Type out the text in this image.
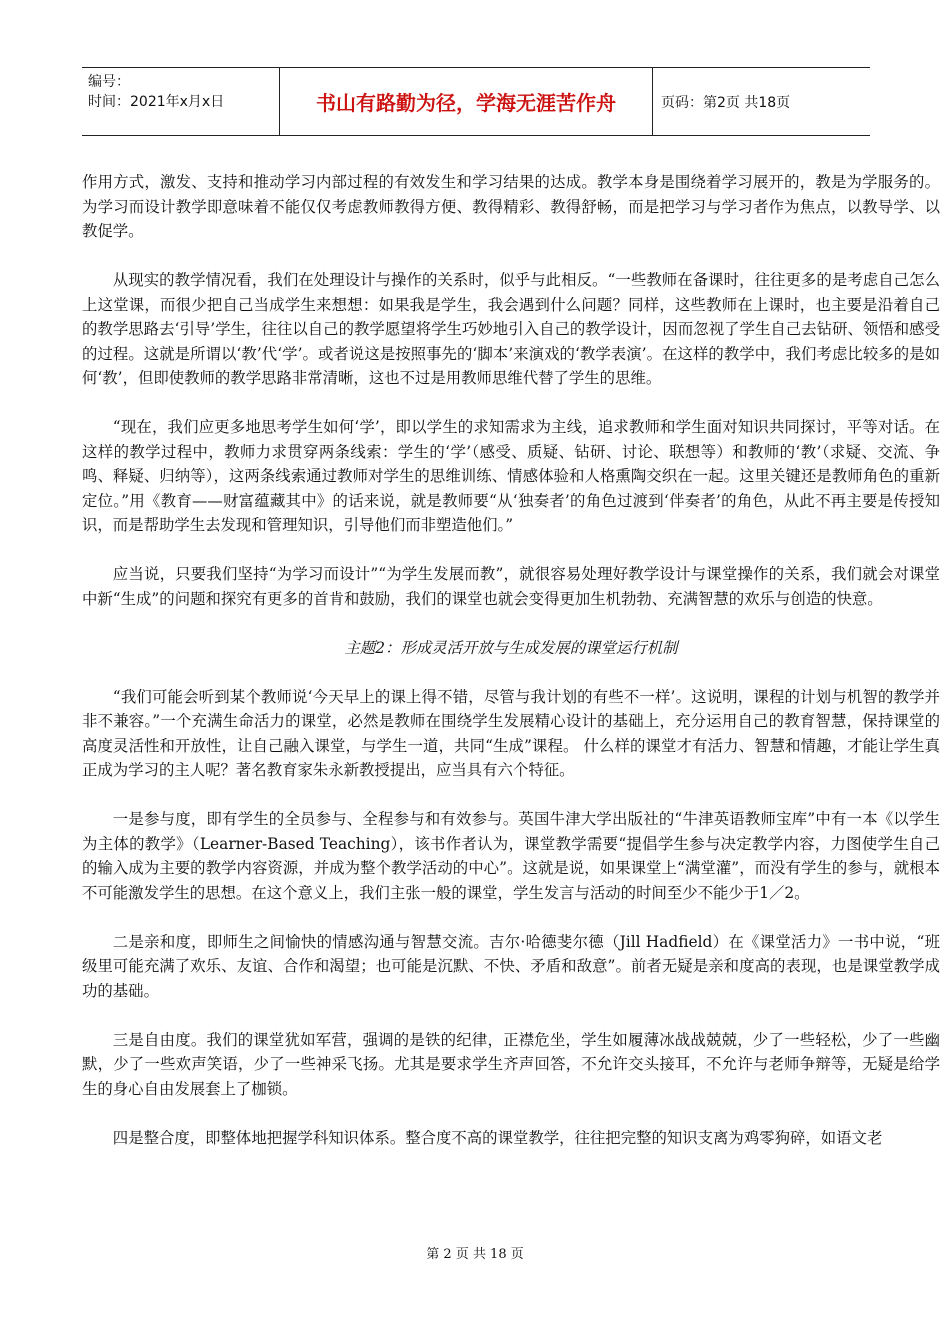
编号：
时间：2021年x月x日	书山有路勤为径，学海无涯苦作舟	页码：第2页 共18页

作用方式，激发、支持和推动学习内部过程的有效发生和学习结果的达成。教学本身是围绕着学习展开的，教是为学服务的。为学习而设计教学即意味着不能仅仅考虑教师教得方便、教得精彩、教得舒畅，而是把学习与学习者作为焦点，以教导学、以教促学。

从现实的教学情况看，我们在处理设计与操作的关系时，似乎与此相反。“一些教师在备课时，往往更多的是考虑自己怎么上这堂课，而很少把自己当成学生来想想：如果我是学生，我会遇到什么问题？同样，这些教师在上课时，也主要是沿着自己的教学思路去‘引导’学生，往往以自己的教学愿望将学生巧妙地引入自己的教学设计，因而忽视了学生自己去钻研、领悟和感受的过程。这就是所谓以‘教’代‘学’。或者说这是按照事先的‘脚本’来演戏的‘教学表演’。在这样的教学中，我们考虑比较多的是如何‘教’，但即使教师的教学思路非常清晰，这也不过是用教师思维代替了学生的思维。

“现在，我们应更多地思考学生如何‘学’，即以学生的求知需求为主线，追求教师和学生面对知识共同探讨，平等对话。在这样的教学过程中，教师力求贯穿两条线索：学生的‘学’（感受、质疑、钻研、讨论、联想等）和教师的‘教’（求疑、交流、争鸣、释疑、归纳等），这两条线索通过教师对学生的思维训练、情感体验和人格熏陶交织在一起。这里关键还是教师角色的重新定位。”用《教育——财富蕴藏其中》的话来说，就是教师要“从‘独奏者’的角色过渡到‘伴奏者’的角色，从此不再主要是传授知识，而是帮助学生去发现和管理知识，引导他们而非塑造他们。”

应当说，只要我们坚持“为学习而设计”“为学生发展而教”，就很容易处理好教学设计与课堂操作的关系，我们就会对课堂中新“生成”的问题和探究有更多的首肯和鼓励，我们的课堂也就会变得更加生机勃勃、充满智慧的欢乐与创造的快意。

主题2：形成灵活开放与生成发展的课堂运行机制

“我们可能会听到某个教师说‘今天早上的课上得不错，尽管与我计划的有些不一样’。这说明，课程的计划与机智的教学并非不兼容。”一个充满生命活力的课堂，必然是教师在围绕学生发展精心设计的基础上，充分运用自己的教育智慧，保持课堂的高度灵活性和开放性，让自己融入课堂，与学生一道，共同“生成”课程。 什么样的课堂才有活力、智慧和情趣，才能让学生真正成为学习的主人呢？著名教育家朱永新教授提出，应当具有六个特征。

一是参与度，即有学生的全员参与、全程参与和有效参与。英国牛津大学出版社的“牛津英语教师宝库”中有一本《以学生为主体的教学》（Learner-Based Teaching），该书作者认为，课堂教学需要“提倡学生参与决定教学内容，力图使学生自己的输入成为主要的教学内容资源，并成为整个教学活动的中心”。这就是说，如果课堂上“满堂灌”，而没有学生的参与，就根本不可能激发学生的思想。在这个意义上，我们主张一般的课堂，学生发言与活动的时间至少不能少于1／2。

二是亲和度，即师生之间愉快的情感沟通与智慧交流。吉尔·哈德斐尔德（Jill Hadfield）在《课堂活力》一书中说，“班级里可能充满了欢乐、友谊、合作和渴望；也可能是沉默、不快、矛盾和敌意”。前者无疑是亲和度高的表现，也是课堂教学成功的基础。

三是自由度。我们的课堂犹如军营，强调的是铁的纪律，正襟危坐，学生如履薄冰战战兢兢，少了一些轻松，少了一些幽默，少了一些欢声笑语，少了一些神采飞扬。尤其是要求学生齐声回答，不允许交头接耳，不允许与老师争辩等，无疑是给学生的身心自由发展套上了枷锁。

四是整合度，即整体地把握学科知识体系。整合度不高的课堂教学，往往把完整的知识支离为鸡零狗碎，如语文老

第 2 页 共 18 页
